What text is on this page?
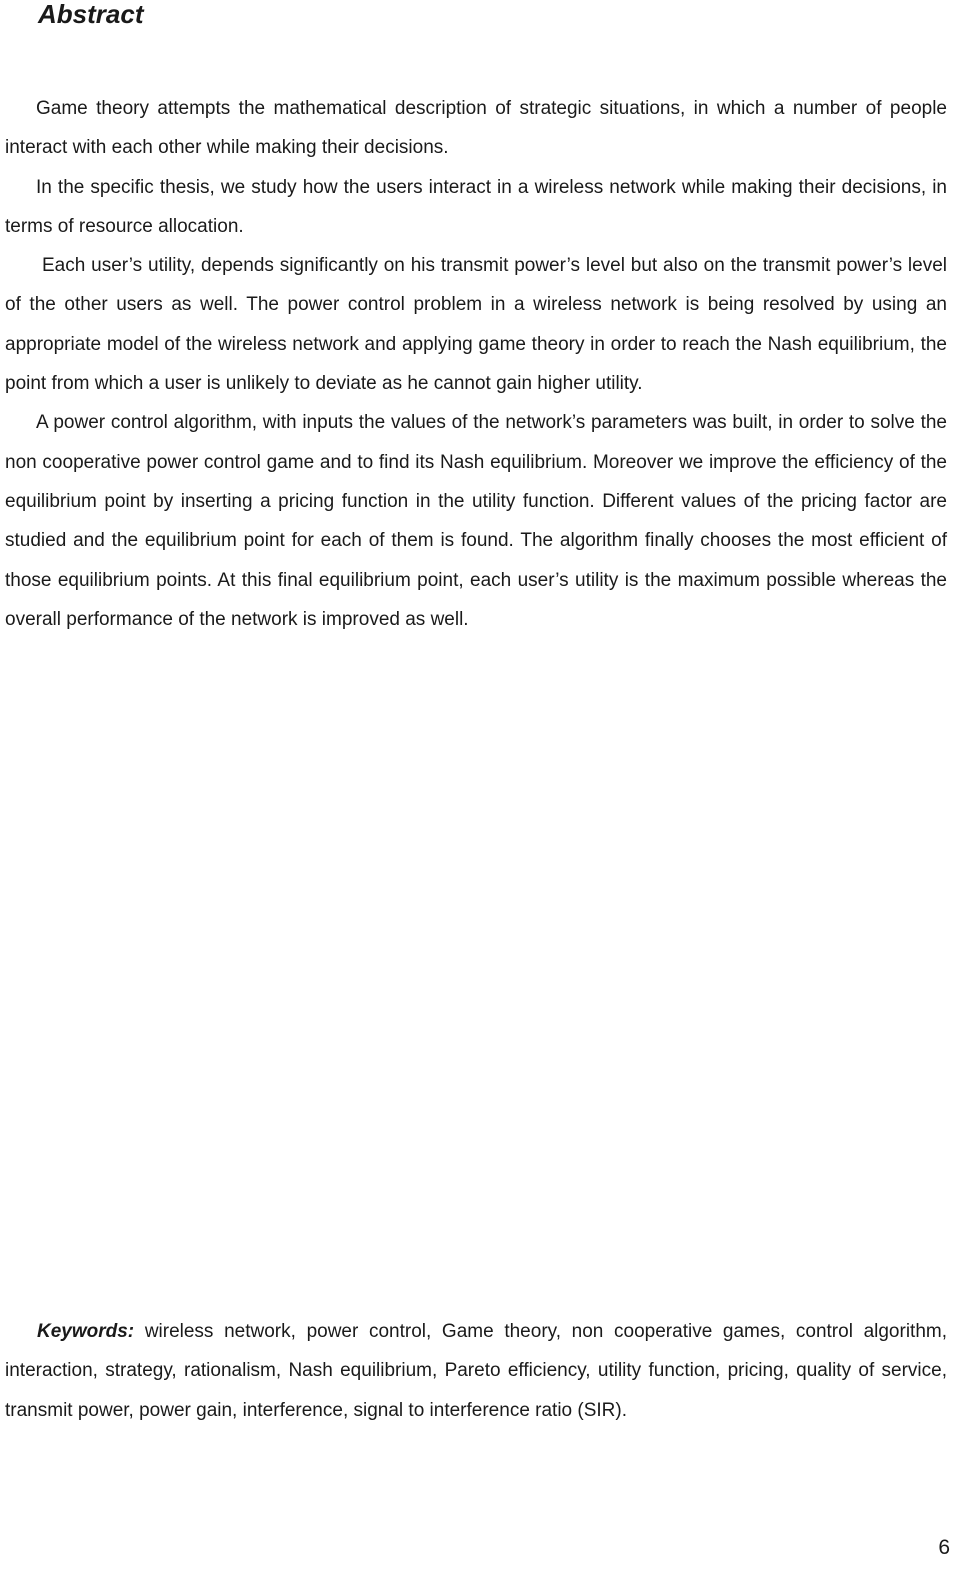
Abstract

Game theory attempts the mathematical description of strategic situations, in which a number of people interact with each other while making their decisions.

In the specific thesis, we study how the users interact in a wireless network while making their decisions, in terms of resource allocation.

Each user’s utility, depends significantly on his transmit power’s level but also on the transmit power’s level of the other users as well. The power control problem in a wireless network is being resolved by using an appropriate model of the wireless network and applying game theory in order to reach the Nash equilibrium, the point from which a user is unlikely to deviate as he cannot gain higher utility.

A power control algorithm, with inputs the values of the network’s parameters was built, in order to solve the non cooperative power control game and to find its Nash equilibrium. Moreover we improve the efficiency of the equilibrium point by inserting a pricing function in the utility function. Different values of the pricing factor are studied and the equilibrium point for each of them is found. The algorithm finally chooses the most efficient of those equilibrium points. At this final equilibrium point, each user’s utility is the maximum possible whereas the overall performance of the network is improved as well.

Keywords: wireless network, power control, Game theory, non cooperative games, control algorithm, interaction, strategy, rationalism, Nash equilibrium, Pareto efficiency, utility function, pricing, quality of service, transmit power, power gain, interference, signal to interference ratio (SIR).

6
